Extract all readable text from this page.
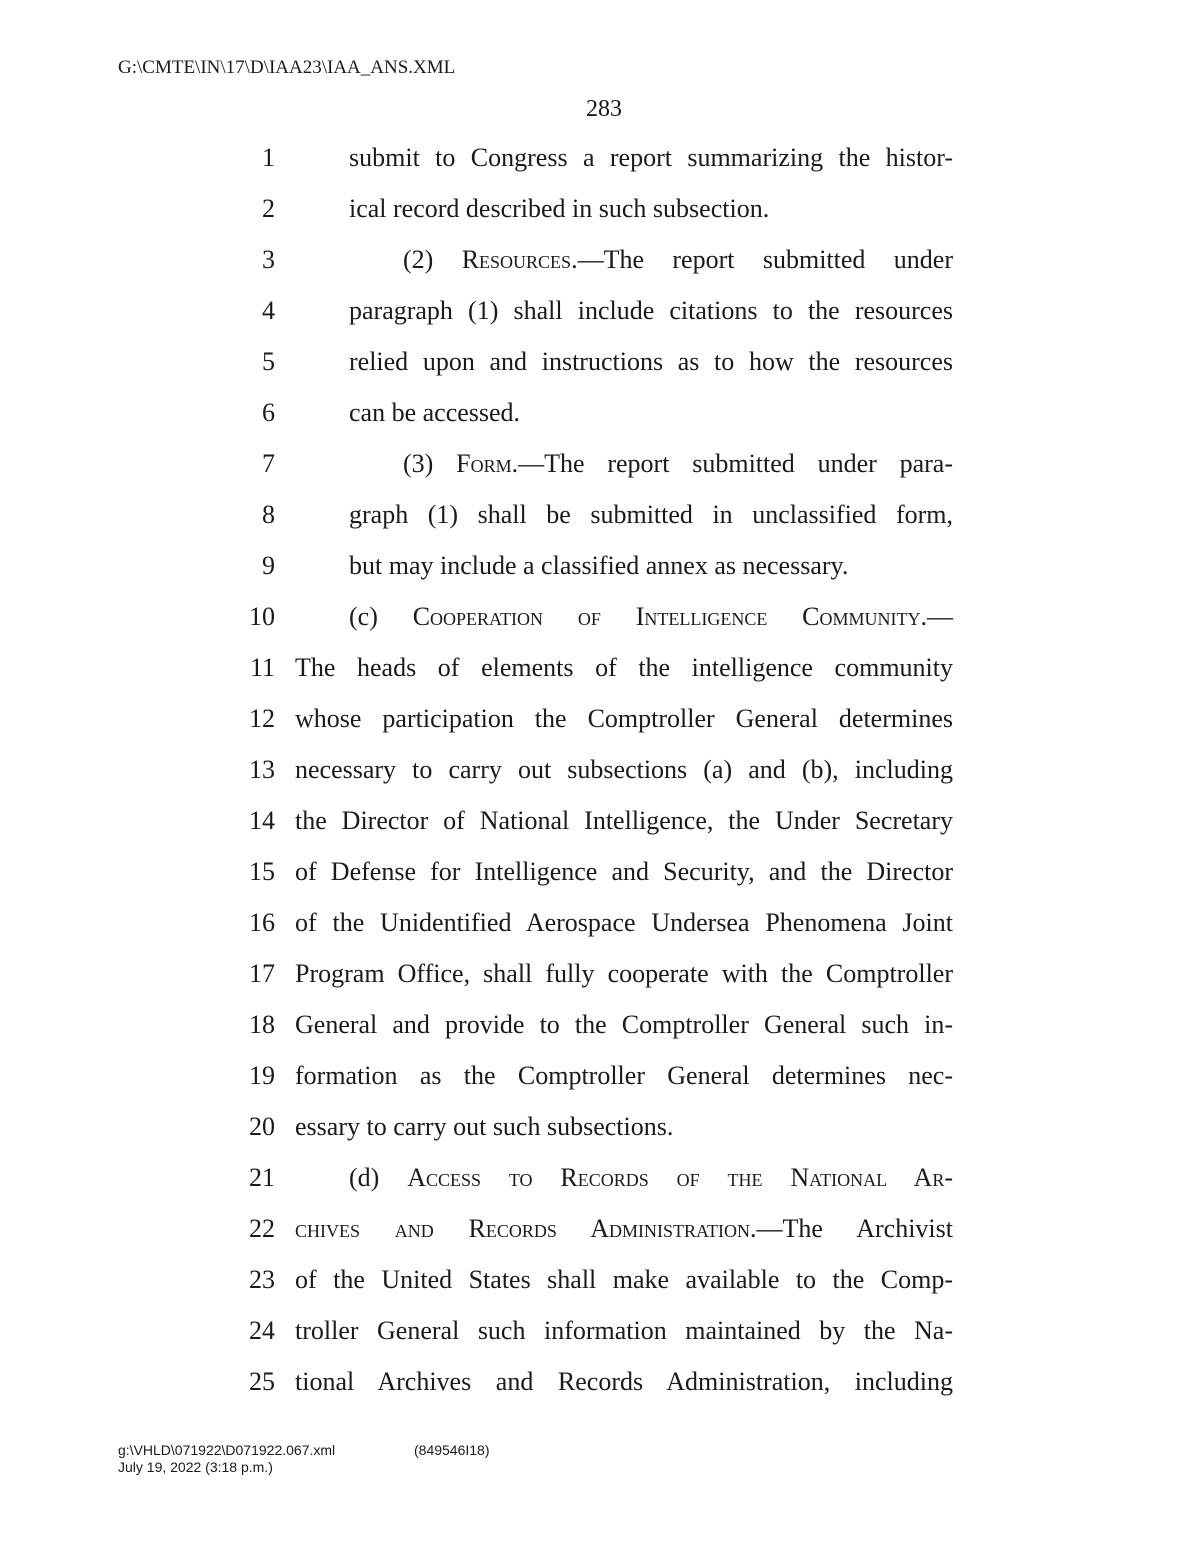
G:\CMTE\IN\17\D\IAA23\IAA_ANS.XML
283
1	submit to Congress a report summarizing the histor-
2	ical record described in such subsection.
3	(2) Resources.—The report submitted under
4	paragraph (1) shall include citations to the resources
5	relied upon and instructions as to how the resources
6	can be accessed.
7	(3) Form.—The report submitted under para-
8	graph (1) shall be submitted in unclassified form,
9	but may include a classified annex as necessary.
10	(c) Cooperation of Intelligence Community.—
11 The heads of elements of the intelligence community
12 whose participation the Comptroller General determines
13 necessary to carry out subsections (a) and (b), including
14 the Director of National Intelligence, the Under Secretary
15 of Defense for Intelligence and Security, and the Director
16 of the Unidentified Aerospace Undersea Phenomena Joint
17 Program Office, shall fully cooperate with the Comptroller
18 General and provide to the Comptroller General such in-
19 formation as the Comptroller General determines nec-
20 essary to carry out such subsections.
21	(d) Access to Records of the National Ar-
22 chives and Records Administration.—The Archivist
23 of the United States shall make available to the Comp-
24 troller General such information maintained by the Na-
25 tional Archives and Records Administration, including
g:\VHLD\071922\D071922.067.xml
July 19, 2022 (3:18 p.m.)
(849546I18)
